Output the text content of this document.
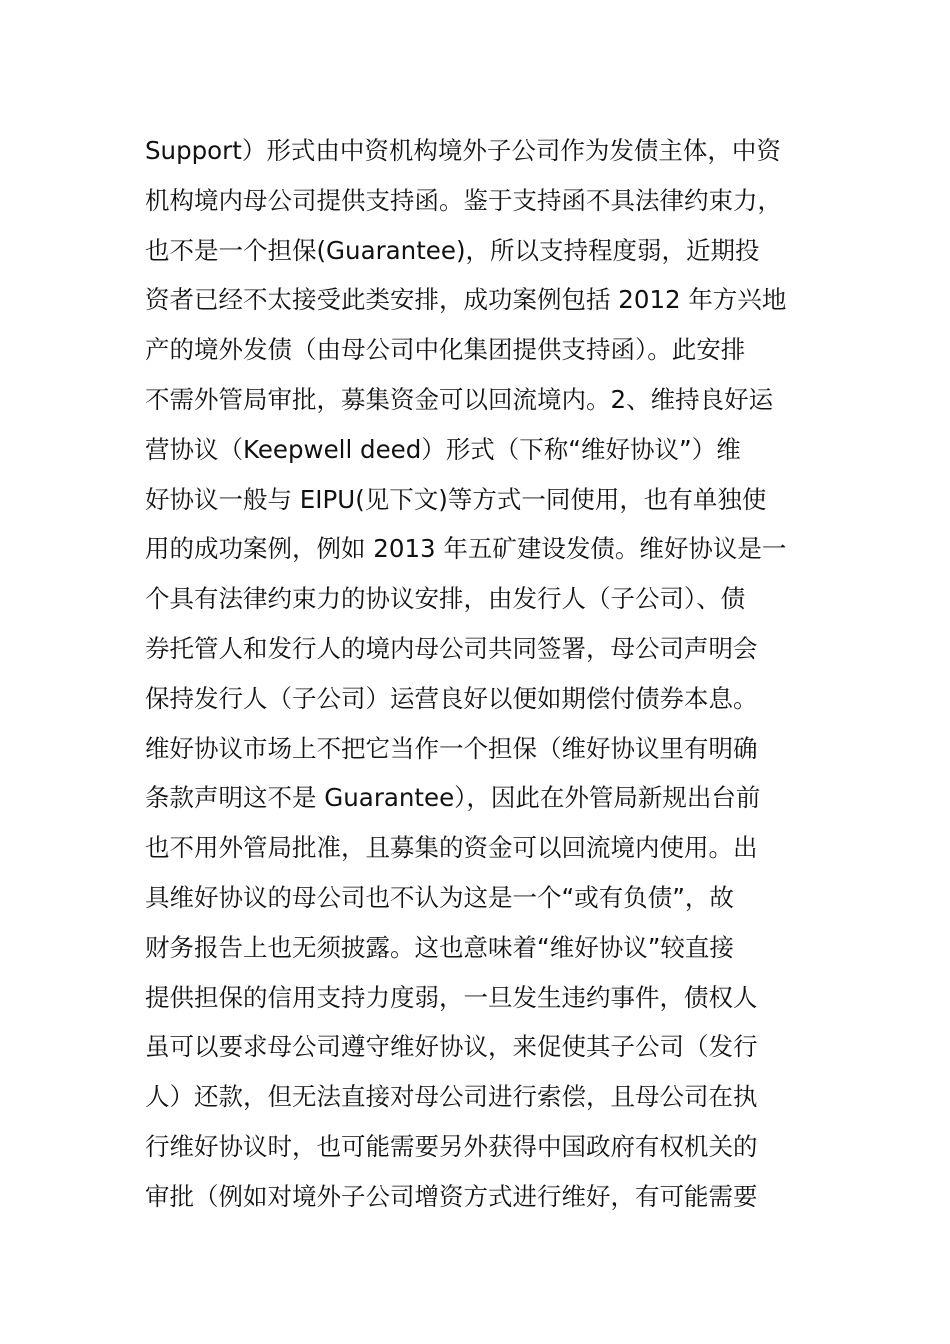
Support）形式由中资机构境外子公司作为发债主体，中资
机构境内母公司提供支持函。鉴于支持函不具法律约束力，
也不是一个担保(Guarantee)，所以支持程度弱，近期投
资者已经不太接受此类安排，成功案例包括 2012 年方兴地
产的境外发债（由母公司中化集团提供支持函）。此安排
不需外管局审批，募集资金可以回流境内。2、维持良好运
营协议（Keepwell deed）形式（下称“维好协议”）维
好协议一般与 EIPU(见下文)等方式一同使用，也有单独使
用的成功案例，例如 2013 年五矿建设发债。维好协议是一
个具有法律约束力的协议安排，由发行人（子公司）、债
券托管人和发行人的境内母公司共同签署，母公司声明会
保持发行人（子公司）运营良好以便如期偿付债券本息。
维好协议市场上不把它当作一个担保（维好协议里有明确
条款声明这不是 Guarantee），因此在外管局新规出台前
也不用外管局批准，且募集的资金可以回流境内使用。出
具维好协议的母公司也不认为这是一个“或有负债”，故
财务报告上也无须披露。这也意味着“维好协议”较直接
提供担保的信用支持力度弱，一旦发生违约事件，债权人
虽可以要求母公司遵守维好协议，来促使其子公司（发行
人）还款，但无法直接对母公司进行索偿，且母公司在执
行维好协议时，也可能需要另外获得中国政府有权机关的
审批（例如对境外子公司增资方式进行维好，有可能需要
